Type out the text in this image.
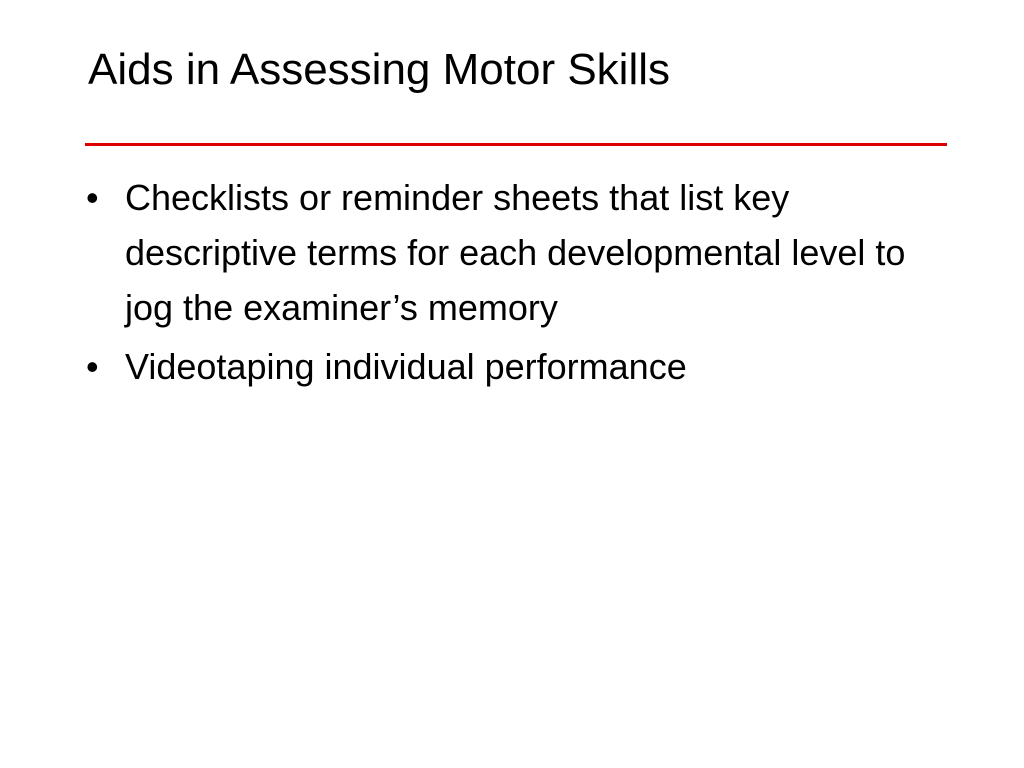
Aids in Assessing Motor Skills
• Checklists or reminder sheets that list key descriptive terms for each developmental level to jog the examiner’s memory
• Videotaping individual performance
